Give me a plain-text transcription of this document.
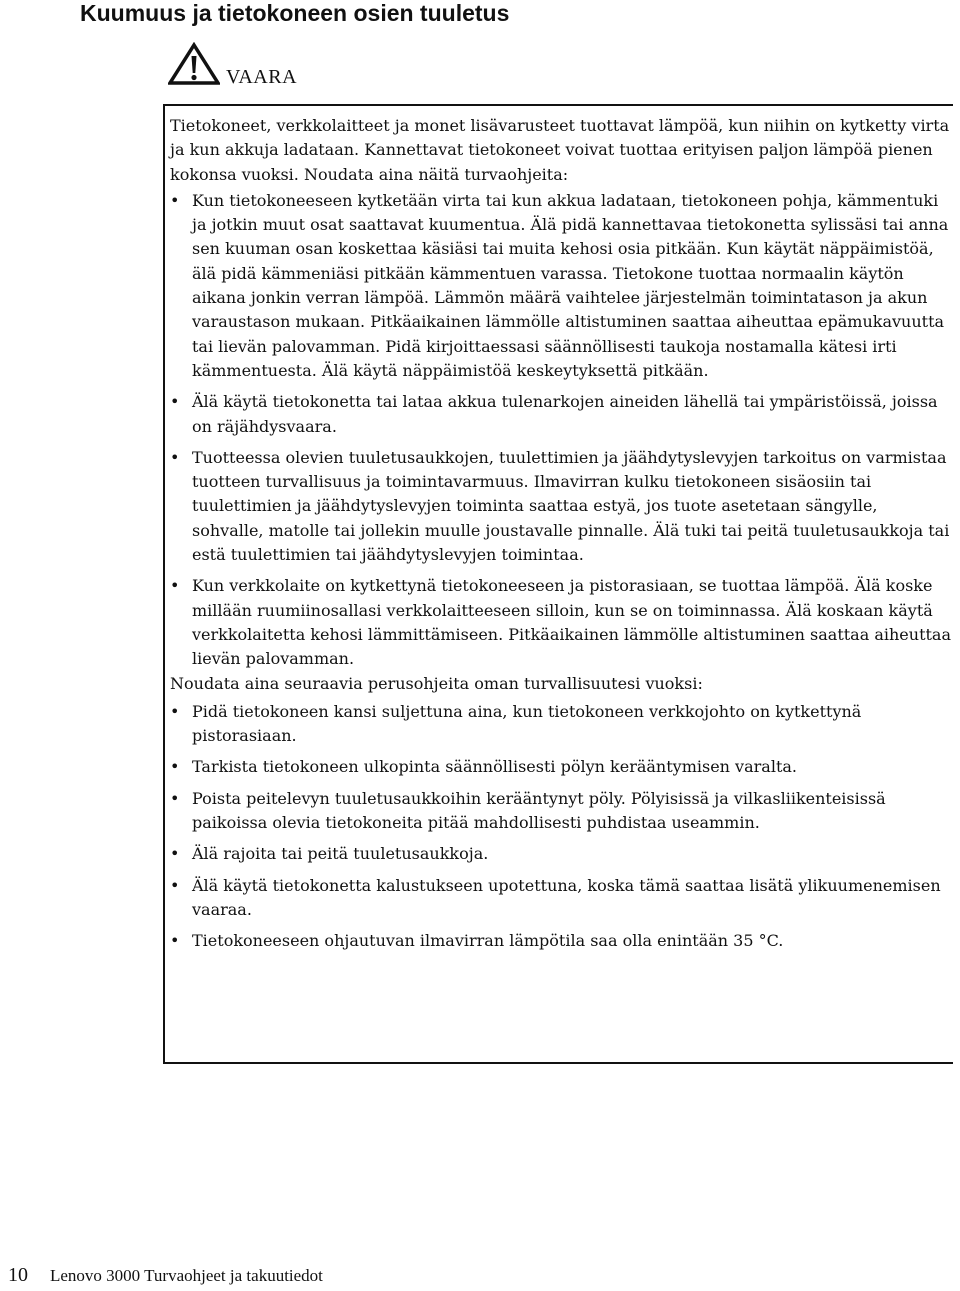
Kuumuus ja tietokoneen osien tuuletus
VAARA

Tietokoneet, verkkolaitteet ja monet lisävarusteet tuottavat lämpöä, kun niihin on kytketty virta ja kun akkuja ladataan. Kannettavat tietokoneet voivat tuottaa erityisen paljon lämpöä pienen kokonsa vuoksi. Noudata aina näitä turvaohjeita:

• Kun tietokoneeseen kytketään virta tai kun akkua ladataan, tietokoneen pohja, kämmentuki ja jotkin muut osat saattavat kuumentua. Älä pidä kannettavaa tietokonetta sylissäsi tai anna sen kuuman osan koskettaa käsiäsi tai muita kehosi osia pitkään. Kun käytät näppäimistöä, älä pidä kämmeniäsi pitkään kämmentuen varassa. Tietokone tuottaa normaalin käytön aikana jonkin verran lämpöä. Lämmön määrä vaihtelee järjestelmän toimintatason ja akun varaustason mukaan. Pitkäaikainen lämmölle altistuminen saattaa aiheuttaa epämukavuutta tai lievän palovamman. Pidä kirjoittaessasi säännöllisesti taukoja nostamalla kätesi irti kämmentuesta. Älä käytä näppäimistöä keskeytyksettä pitkään.
• Älä käytä tietokonetta tai lataa akkua tulenarkojen aineiden lähellä tai ympäristöissä, joissa on räjähdysvaara.
• Tuotteessa olevien tuuletusaukkojen, tuulettimien ja jäähdytyslevyjen tarkoitus on varmistaa tuotteen turvallisuus ja toimintavarmuus. Ilmavirran kulku tietokoneen sisäosiin tai tuulettimien ja jäähdytyslevyjen toiminta saattaa estyä, jos tuote asetetaan sängylle, sohvalle, matolle tai jollekin muulle joustavalle pinnalle. Älä tuki tai peitä tuuletusaukkoja tai estä tuulettimien tai jäähdytyslevyjen toimintaa.
• Kun verkkolaite on kytkettynä tietokoneeseen ja pistorasiaan, se tuottaa lämpöä. Älä koske millään ruumiinosallasi verkkolaitteeseen silloin, kun se on toiminnassa. Älä koskaan käytä verkkolaitetta kehosi lämmittämiseen. Pitkäaikainen lämmölle altistuminen saattaa aiheuttaa lievän palovamman.

Noudata aina seuraavia perusohjeita oman turvallisuutesi vuoksi:

• Pidä tietokoneen kansi suljettuna aina, kun tietokoneen verkkojohto on kytkettynä pistorasiaan.
• Tarkista tietokoneen ulkopinta säännöllisesti pölyn kerääntymisen varalta.
• Poista peitelevyn tuuletusaukkoihin kerääntynyt pöly. Pölyisissä ja vilkasliikenteisissä paikoissa olevia tietokoneita pitää mahdollisesti puhdistaa useammin.
• Älä rajoita tai peitä tuuletusaukkoja.
• Älä käytä tietokonetta kalustukseen upotettuna, koska tämä saattaa lisätä ylikuumenemisen vaaraa.
• Tietokoneeseen ohjautuvan ilmavirran lämpötila saa olla enintään 35 °C.
10 Lenovo 3000 Turvaohjeet ja takuutiedot
